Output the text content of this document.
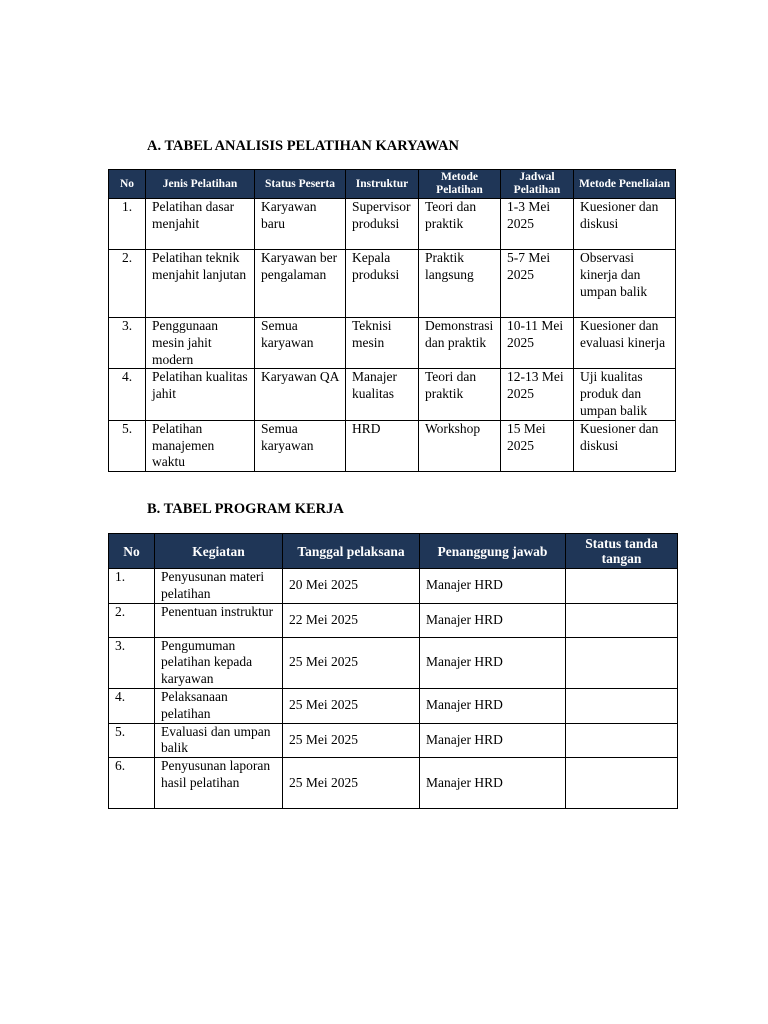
A. TABEL ANALISIS PELATIHAN KARYAWAN
No	Jenis Pelatihan	Status Peserta	Instruktur	Metode Pelatihan	Jadwal Pelatihan	Metode Peneliaian
1.	Pelatihan dasar menjahit	Karyawan baru	Supervisor produksi	Teori dan praktik	1-3 Mei 2025	Kuesioner dan diskusi
2.	Pelatihan teknik menjahit lanjutan	Karyawan berpengalaman	Kepala produksi	Praktik langsung	5-7 Mei 2025	Observasi kinerja dan umpan balik
3.	Penggunaan mesin jahit modern	Semua karyawan	Teknisi mesin	Demonstrasi dan praktik	10-11 Mei 2025	Kuesioner dan evaluasi kinerja
4.	Pelatihan kualitas jahit	Karyawan QA	Manajer kualitas	Teori dan praktik	12-13 Mei 2025	Uji kualitas produk dan umpan balik
5.	Pelatihan manajemen waktu	Semua karyawan	HRD	Workshop	15 Mei 2025	Kuesioner dan diskusi
B. TABEL PROGRAM KERJA
No	Kegiatan	Tanggal pelaksana	Penanggung jawab	Status tanda tangan
1.	Penyusunan materi pelatihan	20 Mei 2025	Manajer HRD	
2.	Penentuan instruktur	22 Mei 2025	Manajer HRD	
3.	Pengumuman pelatihan kepada karyawan	25 Mei 2025	Manajer HRD	
4.	Pelaksanaan pelatihan	25 Mei 2025	Manajer HRD	
5.	Evaluasi dan umpan balik	25 Mei 2025	Manajer HRD	
6.	Penyusunan laporan hasil pelatihan	25 Mei 2025	Manajer HRD	
